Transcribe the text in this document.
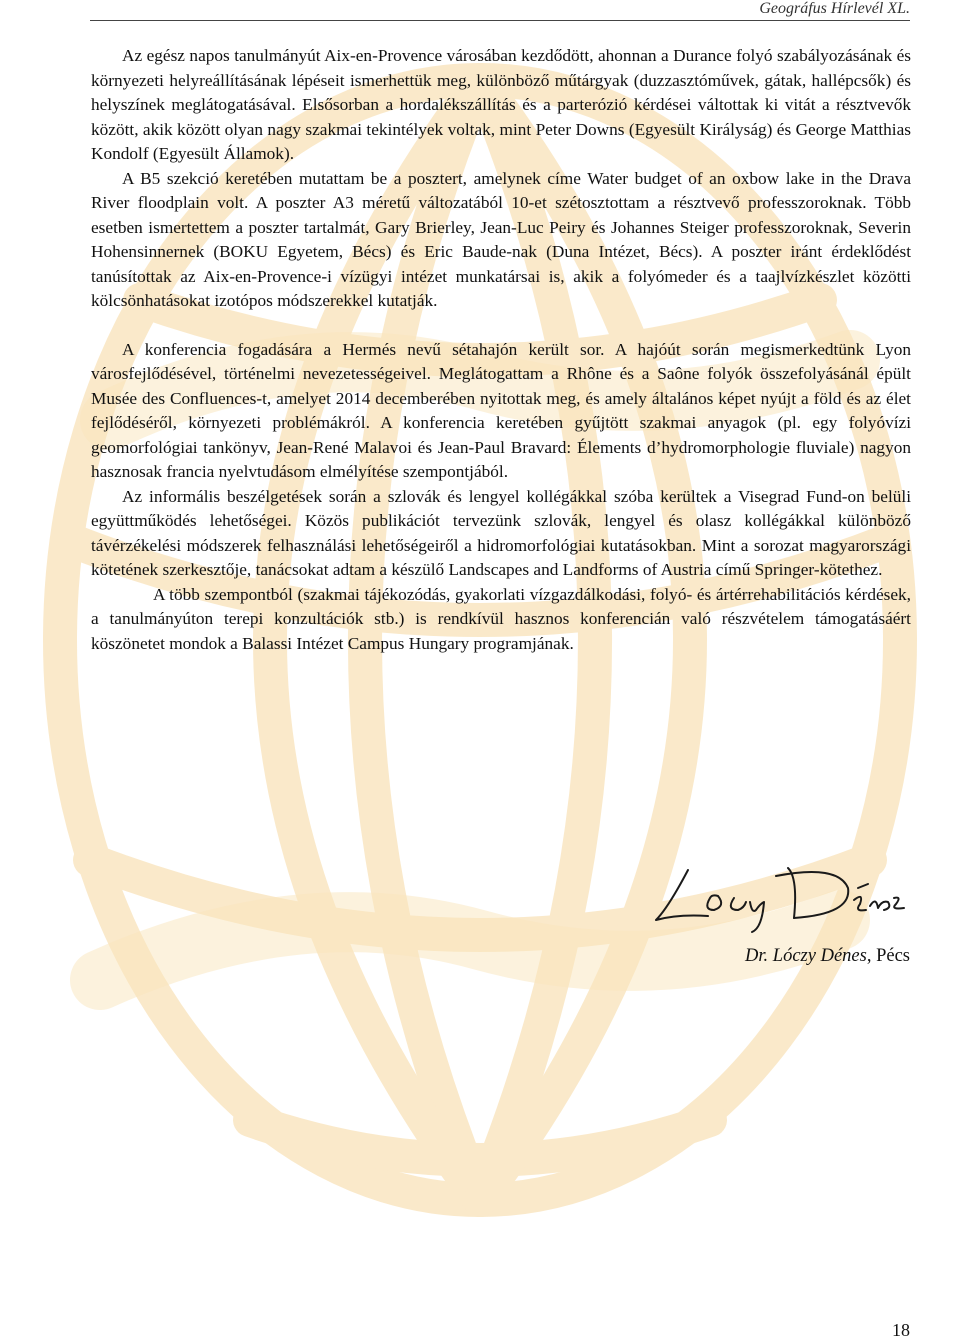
Geográfus Hírlevél XL.

Az egész napos tanulmányút Aix-en-Provence városában kezdődött, ahonnan a Durance folyó szabályozásának és környezeti helyreállításának lépéseit ismerhettük meg, különböző műtárgyak (duzzasztóművek, gátak, hallépcsők) és helyszínek meglátogatásával. Elsősorban a hordalékszállítás és a parterózió kérdései váltottak ki vitát a résztvevők között, akik között olyan nagy szakmai tekintélyek voltak, mint Peter Downs (Egyesült Királyság) és George Matthias Kondolf (Egyesült Államok).

A B5 szekció keretében mutattam be a posztert, amelynek címe Water budget of an oxbow lake in the Drava River floodplain volt. A poszter A3 méretű változatából 10-et szétosztottam a résztvevő professzoroknak. Több esetben ismertettem a poszter tartalmát, Gary Brierley, Jean-Luc Peiry és Johannes Steiger professzoroknak, Severin Hohensinnernek (BOKU Egyetem, Bécs) és Eric Baude-nak (Duna Intézet, Bécs). A poszter iránt érdeklődést tanúsítottak az Aix-en-Provence-i vízügyi intézet munkatársai is, akik a folyómeder és a taajlvízkészlet közötti kölcsönhatásokat izotópos módszerekkel kutatják.

A konferencia fogadására a Hermés nevű sétahajón került sor. A hajóút során megismerkedtünk Lyon városfejlődésével, történelmi nevezetességeivel. Meglátogattam a Rhône és a Saône folyók összefolyásánál épült Musée des Confluences-t, amelyet 2014 decemberében nyitottak meg, és amely általános képet nyújt a föld és az élet fejlődéséről, környezeti problémákról. A konferencia keretében gyűjtött szakmai anyagok (pl. egy folyóvízi geomorfológiai tankönyv, Jean-René Malavoi és Jean-Paul Bravard: Élements d’hydromorphologie fluviale) nagyon hasznosak francia nyelvtudásom elmélyítése szempontjából.

Az informális beszélgetések során a szlovák és lengyel kollégákkal szóba kerültek a Visegrad Fund-on belüli együttműködés lehetőségei. Közös publikációt tervezünk szlovák, lengyel és olasz kollégákkal különböző távérzékelési módszerek felhasználási lehetőségeiről a hidromorfológiai kutatásokban. Mint a sorozat magyarországi kötetének szerkesztője, tanácsokat adtam a készülő Landscapes and Landforms of Austria című Springer-kötethez.

A több szempontból (szakmai tájékozódás, gyakorlati vízgazdálkodási, folyó- és ártérrehabilitációs kérdések, a tanulmányúton terepi konzultációk stb.) is rendkívül hasznos konferencián való részvételem támogatásáért köszönetet mondok a Balassi Intézet Campus Hungary programjának.

Dr. Lóczy Dénes, Pécs
18
